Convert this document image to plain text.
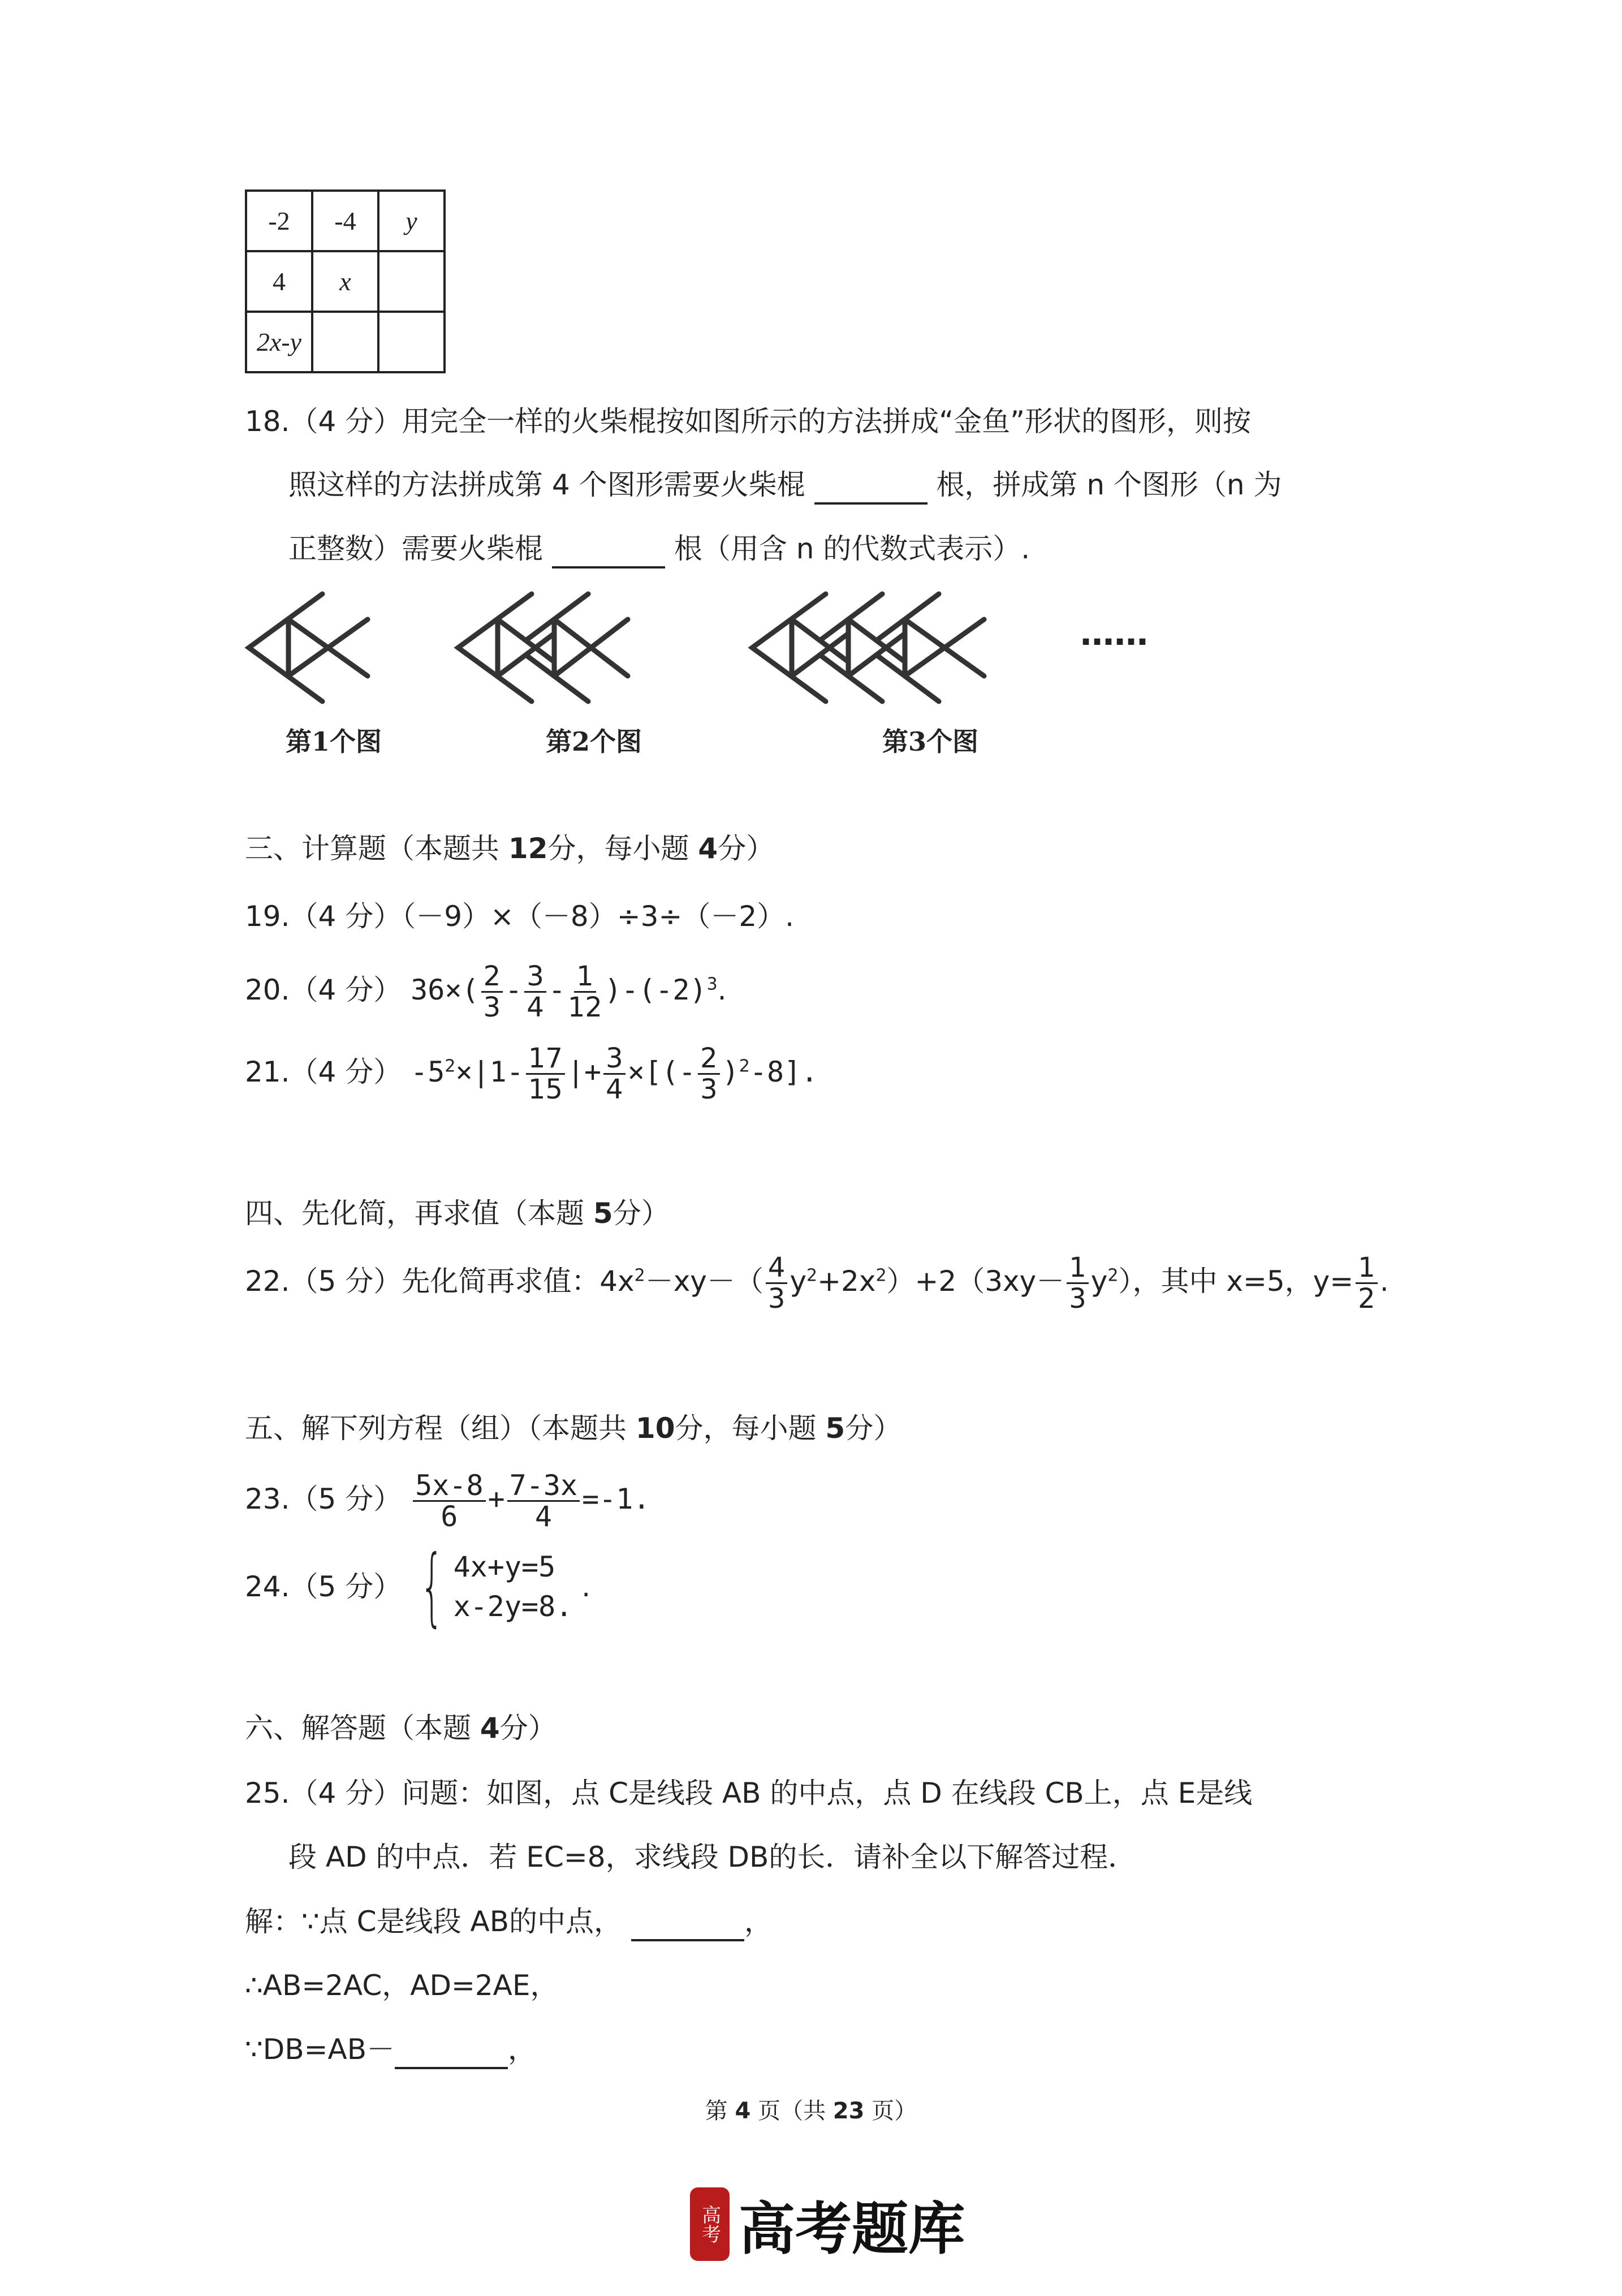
-2	-4	y
4	x	
2x-y		
18.（4 分）用完全一样的火柴棍按如图所示的方法拼成“金鱼”形状的图形，则按
照这样的方法拼成第 4 个图形需要火柴棍	根，拼成第 n 个图形（n 为
正整数）需要火柴棍	根（用含 n 的代数式表示）.
……
第1个图	第2个图	第3个图
三、计算题（本题共 12分，每小题 4分）
19.（4 分）（－9）×（－8）÷3÷（－2）.
20.（4 分） $36\times( \frac{2}{3} - \frac{3}{4} - \frac{1}{12} )-(-2)^3$.
21.（4 分） $-5^2\times|1- \frac{17}{15}$ |+ $\frac{3}{4}$ ×[(- $\frac{2}{3} )^2-8$].
四、先化简，再求值（本题 5分）
22.（5 分）先化简再求值：$4x^2-xy-( \frac{4}{3} y^2+2x^2)+2(3xy- \frac{1}{3} y^2)$，其中 x=5，$y= \frac{1}{2}$ .
五、解下列方程（组）（本题共 10分，每小题 5分）
23.（5 分） $\frac{5x-8}{6} + \frac{7-3x}{4} =-1$.
24.（5 分） { 4x+y=5
x-2y=8.
.
六、解答题（本题 4分）
25.（4 分）问题：如图，点 C是线段 AB 的中点，点 D 在线段 CB上，点 E是线
段 AD 的中点．若 EC=8，求线段 DB的长．请补全以下解答过程．
解：∵点 C是线段 AB的中点，	，
∴AB=2AC，AD=2AE，
∵DB=AB－	，
第 4 页（共 23 页）
高考 高考题库
